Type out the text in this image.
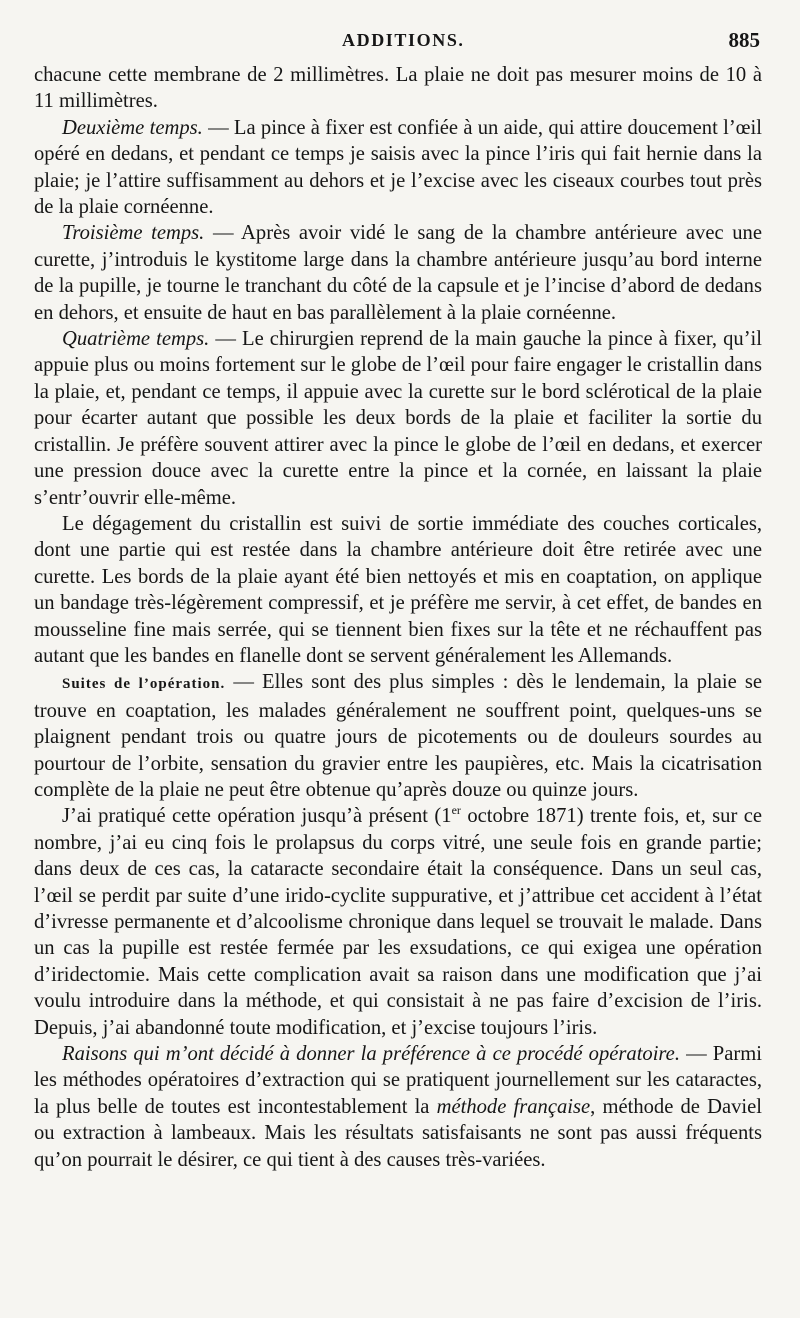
ADDITIONS.	885

chacune cette membrane de 2 millimètres. La plaie ne doit pas mesurer moins de 10 à 11 millimètres.

Deuxième temps. — La pince à fixer est confiée à un aide, qui attire doucement l’œil opéré en dedans, et pendant ce temps je saisis avec la pince l’iris qui fait hernie dans la plaie; je l’attire suffisamment au dehors et je l’excise avec les ciseaux courbes tout près de la plaie cornéenne.

Troisième temps. — Après avoir vidé le sang de la chambre antérieure avec une curette, j’introduis le kystitome large dans la chambre antérieure jusqu’au bord interne de la pupille, je tourne le tranchant du côté de la capsule et je l’incise d’abord de dedans en dehors, et ensuite de haut en bas parallèlement à la plaie cornéenne.

Quatrième temps. — Le chirurgien reprend de la main gauche la pince à fixer, qu’il appuie plus ou moins fortement sur le globe de l’œil pour faire engager le cristallin dans la plaie, et, pendant ce temps, il appuie avec la curette sur le bord sclérotical de la plaie pour écarter autant que possible les deux bords de la plaie et faciliter la sortie du cristallin. Je préfère souvent attirer avec la pince le globe de l’œil en dedans, et exercer une pression douce avec la curette entre la pince et la cornée, en laissant la plaie s’entr’ouvrir elle-même.

Le dégagement du cristallin est suivi de sortie immédiate des couches corticales, dont une partie qui est restée dans la chambre antérieure doit être retirée avec une curette. Les bords de la plaie ayant été bien nettoyés et mis en coaptation, on applique un bandage très-légèrement compressif, et je préfère me servir, à cet effet, de bandes en mousseline fine mais serrée, qui se tiennent bien fixes sur la tête et ne réchauffent pas autant que les bandes en flanelle dont se servent généralement les Allemands.

Suites de l’opération. — Elles sont des plus simples : dès le lendemain, la plaie se trouve en coaptation, les malades généralement ne souffrent point, quelques-uns se plaignent pendant trois ou quatre jours de picotements ou de douleurs sourdes au pourtour de l’orbite, sensation du gravier entre les paupières, etc. Mais la cicatrisation complète de la plaie ne peut être obtenue qu’après douze ou quinze jours.

J’ai pratiqué cette opération jusqu’à présent (1er octobre 1871) trente fois, et, sur ce nombre, j’ai eu cinq fois le prolapsus du corps vitré, une seule fois en grande partie; dans deux de ces cas, la cataracte secondaire était la conséquence. Dans un seul cas, l’œil se perdit par suite d’une irido-cyclite suppurative, et j’attribue cet accident à l’état d’ivresse permanente et d’alcoolisme chronique dans lequel se trouvait le malade. Dans un cas la pupille est restée fermée par les exsudations, ce qui exigea une opération d’iridectomie. Mais cette complication avait sa raison dans une modification que j’ai voulu introduire dans la méthode, et qui consistait à ne pas faire d’excision de l’iris. Depuis, j’ai abandonné toute modification, et j’excise toujours l’iris.

Raisons qui m’ont décidé à donner la préférence à ce procédé opératoire. — Parmi les méthodes opératoires d’extraction qui se pratiquent journellement sur les cataractes, la plus belle de toutes est incontestablement la méthode française, méthode de Daviel ou extraction à lambeaux. Mais les résultats satisfaisants ne sont pas aussi fréquents qu’on pourrait le désirer, ce qui tient à des causes très-variées.
